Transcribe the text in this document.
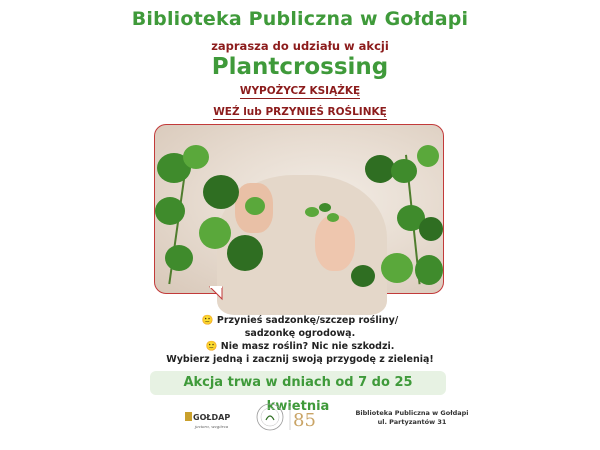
Biblioteka Publiczna w Gołdapi
zaprasza do udziału w akcji
Plantcrossing
WYPOŻYCZ KSIĄŻKĘ
WEŹ lub PRZYNIEŚ ROŚLINKĘ
🙂 Przynieś sadzonkę/szczep rośliny/
sadzonkę ogrodową.
🙂 Nie masz roślin? Nic nie szkodzi.
Wybierz jedną i zacznij swoją przygodę z zielenią!
Akcja trwa w dniach od 7 do 25 kwietnia
GOŁDAP
jezioro, wzgórza	85	Biblioteka Publiczna w Gołdapi
ul. Partyzantów 31
